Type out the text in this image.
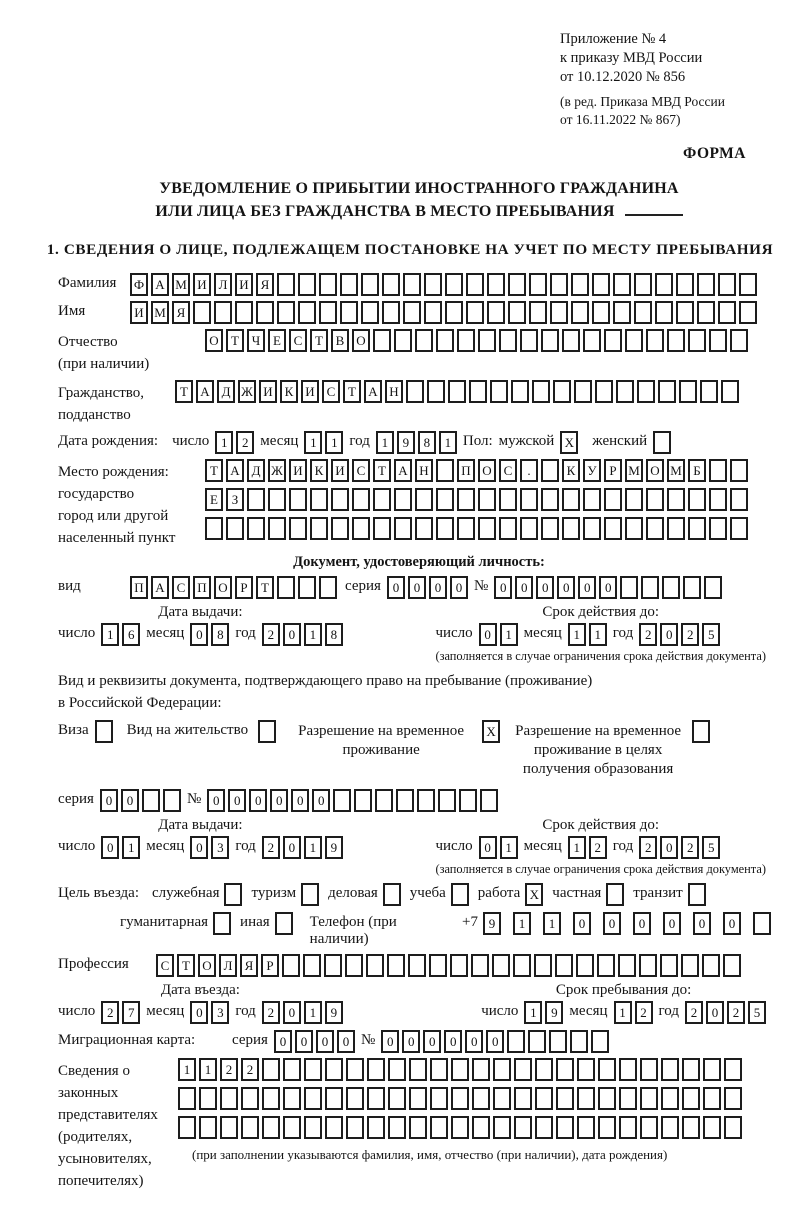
Приложение № 4
к приказу МВД России
от 10.12.2020 № 856
(в ред. Приказа МВД России
от 16.11.2022 № 867)
ФОРМА
УВЕДОМЛЕНИЕ О ПРИБЫТИИ ИНОСТРАННОГО ГРАЖДАНИНА
ИЛИ ЛИЦА БЕЗ ГРАЖДАНСТВА В МЕСТО ПРЕБЫВАНИЯ
1. СВЕДЕНИЯ О ЛИЦЕ, ПОДЛЕЖАЩЕМ ПОСТАНОВКЕ НА УЧЕТ ПО МЕСТУ ПРЕБЫВАНИЯ
Фамилия	Ф А М И Л И Я
Имя	И М Я
Отчество
(при наличии)
О Т Ч Е С Т В О
Гражданство,
подданство
Т А Д Ж И К И С Т А Н
Дата рождения: число 1	2 месяц 1	1 год 1	9	8	1 Пол: мужской X женский
Место рождения:
государство
город или другой
населенный пункт
Т А Д Ж И К И С Т А Н	П О С	.	К У Р М О М Б
Е	З
Документ, удостоверяющий личность:
вид	П А С П О Р	Т	серия 0	0	0	0 № 0	0	0	0	0	0
Дата выдачи:
число 1	6 месяц 0	8 год 2	0	1	8
Срок действия до:
число 0	1 месяц 1	1 год 2	0	2	5
(заполняется в случае ограничения срока действия документа)
Вид и реквизиты документа, подтверждающего право на пребывание (проживание)
в Российской Федерации:
Виза	Вид на жительство	Разрешение на временное проживание
X Разрешение на временное проживание в целях получения образования
серия 0	0	№ 0	0	0	0	0	0
Дата выдачи:
число 0	1 месяц 0	3 год 2	0	1	9
Срок действия до:
число 0	1 месяц 1	2 год 2	0	2	5
(заполняется в случае ограничения срока действия документа)
Цель въезда: служебная туризм деловая учеба работа X частная транзит
гуманитарная иная	Телефон (при наличии)
+7 9	1	1	0	0	0	0	0	0
Профессия	С Т О Л Я	Р
Дата въезда:
число 2	7 месяц 0	3 год 2	0	1	9
Срок пребывания до:
число 1	9 месяц 1	2 год 2	0	2	5
Миграционная карта:	серия 0	0	0	0 № 0	0	0	0	0	0
Сведения о
законных
представителях
(родителях,
усыновителях,
попечителях)
1	1	2	2
(при заполнении указываются фамилия, имя, отчество (при наличии), дата рождения)
